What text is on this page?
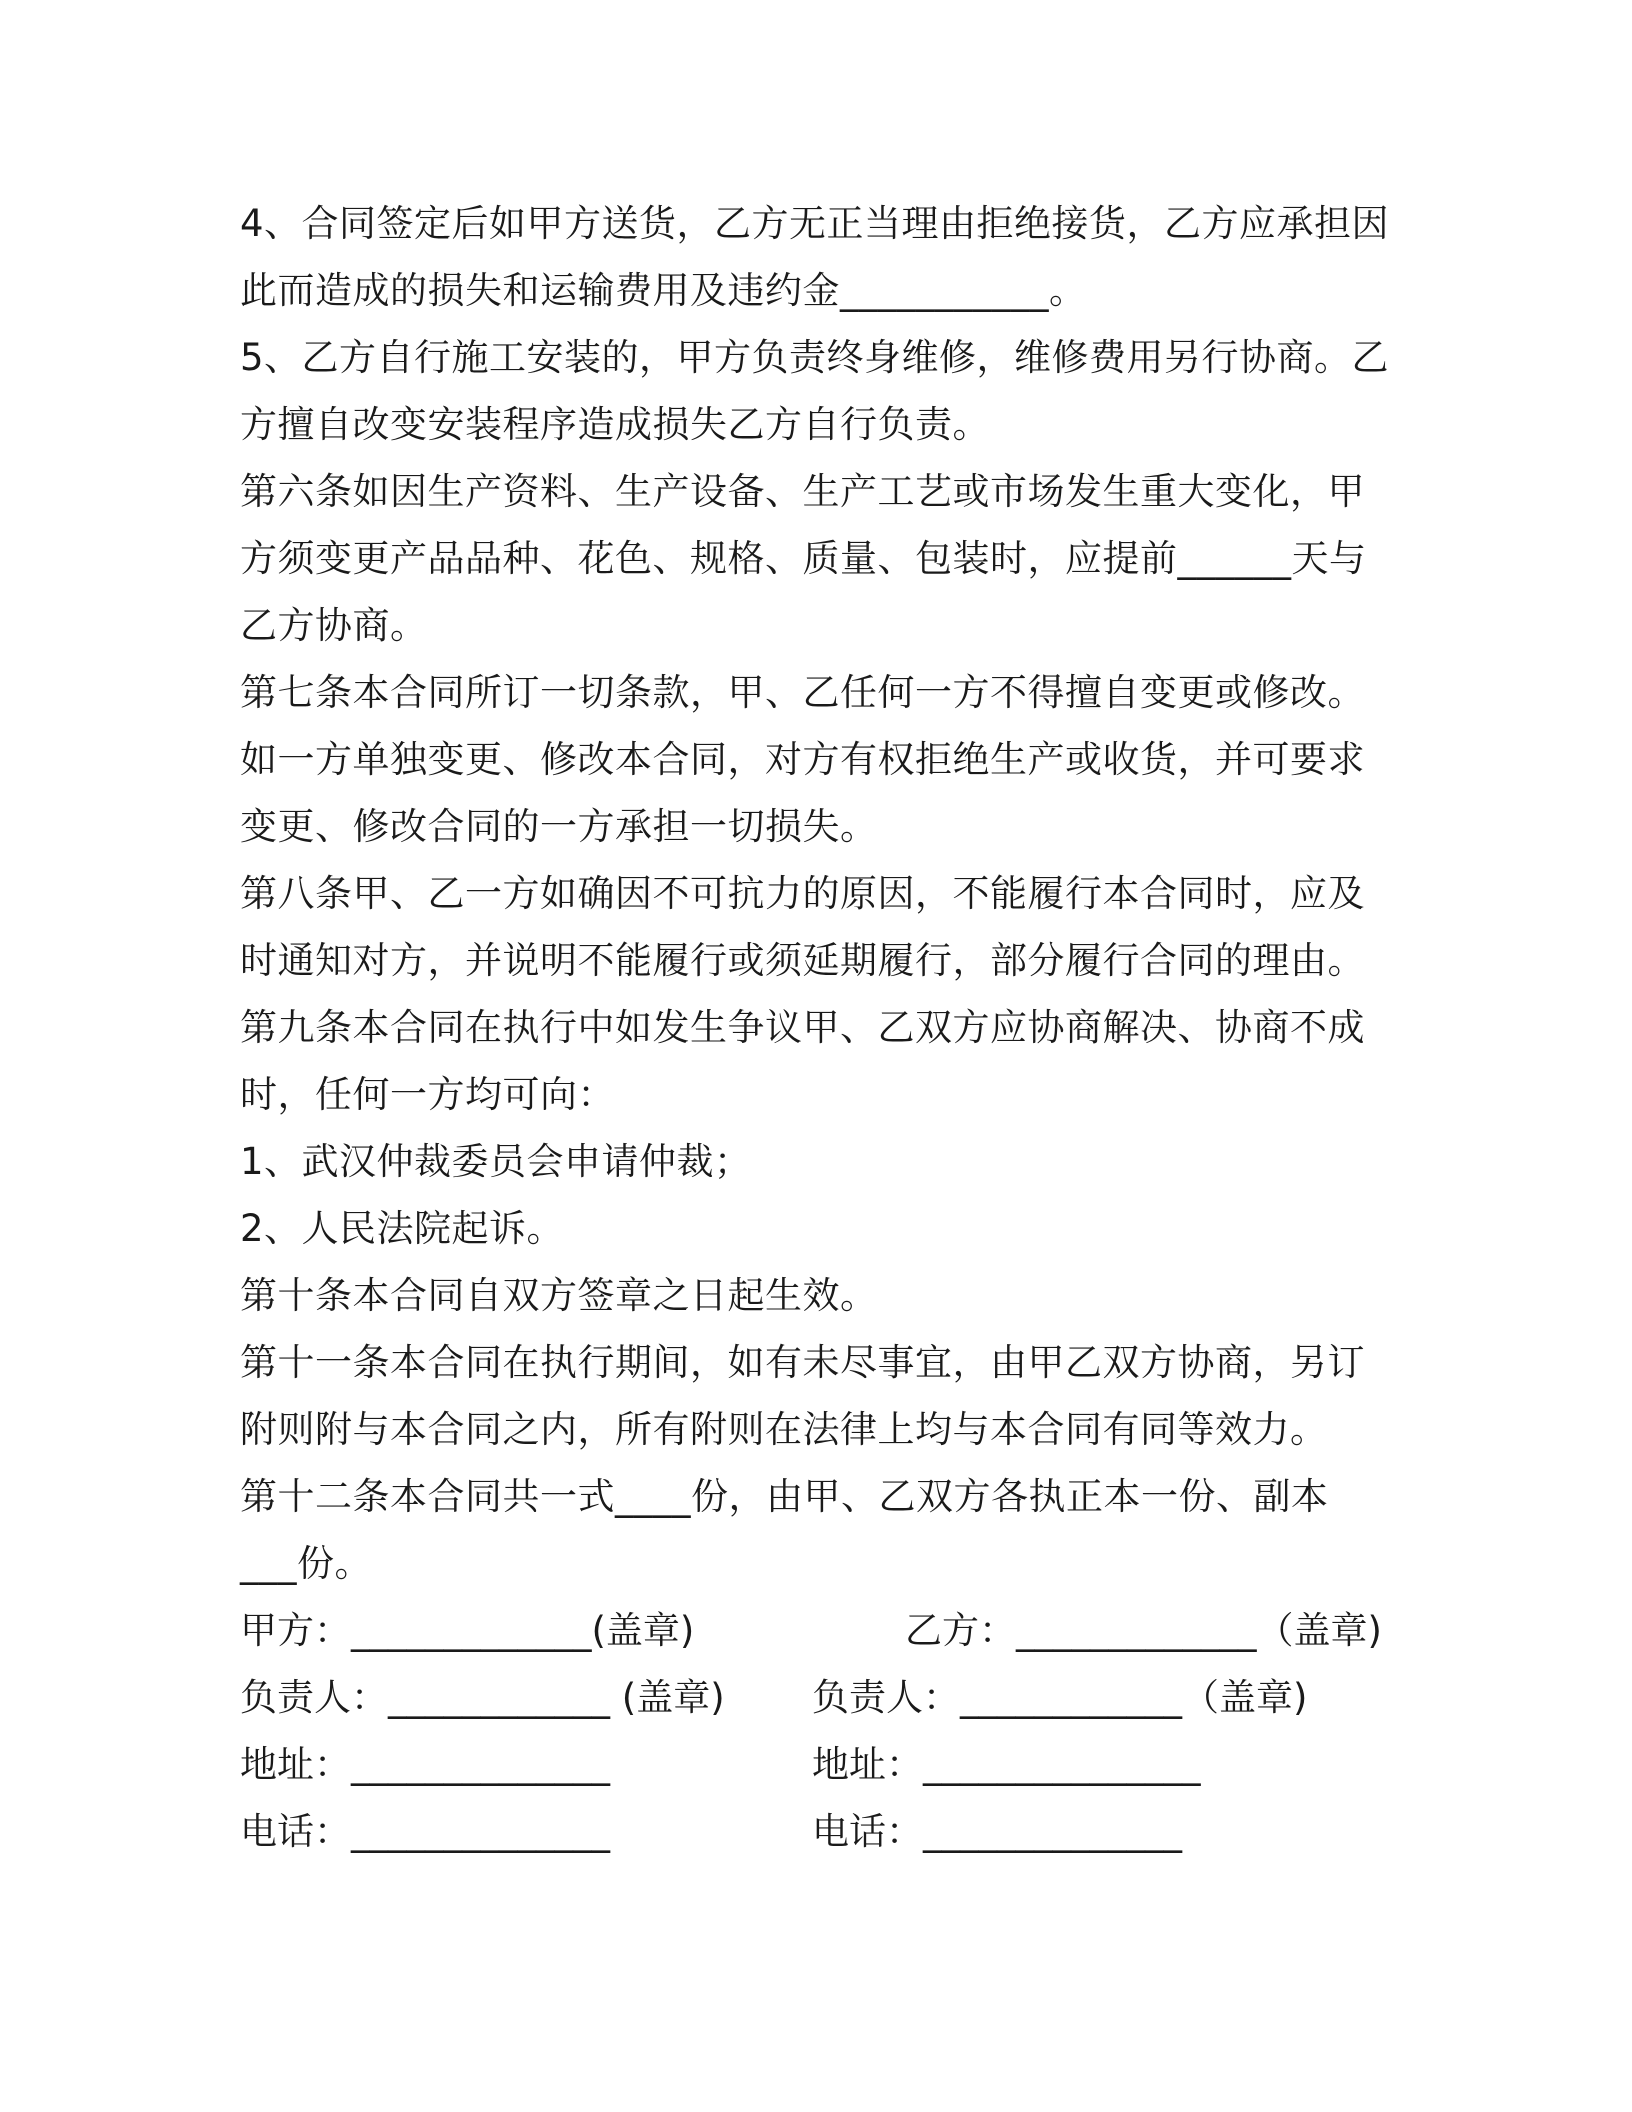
4、合同签定后如甲方送货，乙方无正当理由拒绝接货，乙方应承担因
此而造成的损失和运输费用及违约金___________。
5、乙方自行施工安装的，甲方负责终身维修，维修费用另行协商。乙
方擅自改变安装程序造成损失乙方自行负责。
第六条如因生产资料、生产设备、生产工艺或市场发生重大变化，甲
方须变更产品品种、花色、规格、质量、包装时，应提前______天与
乙方协商。
第七条本合同所订一切条款，甲、乙任何一方不得擅自变更或修改。
如一方单独变更、修改本合同，对方有权拒绝生产或收货，并可要求
变更、修改合同的一方承担一切损失。
第八条甲、乙一方如确因不可抗力的原因，不能履行本合同时，应及
时通知对方，并说明不能履行或须延期履行，部分履行合同的理由。
第九条本合同在执行中如发生争议甲、乙双方应协商解决、协商不成
时，任何一方均可向：
1、武汉仲裁委员会申请仲裁；
2、人民法院起诉。
第十条本合同自双方签章之日起生效。
第十一条本合同在执行期间，如有未尽事宜，由甲乙双方协商，另订
附则附与本合同之内，所有附则在法律上均与本合同有同等效力。
第十二条本合同共一式____份，由甲、乙双方各执正本一份、副本
___份。
甲方：_____________(盖章)	乙方：_____________（盖章)
负责人：____________ (盖章) 负责人：____________（盖章)
地址：______________	地址：_______________
电话：______________	电话：______________
